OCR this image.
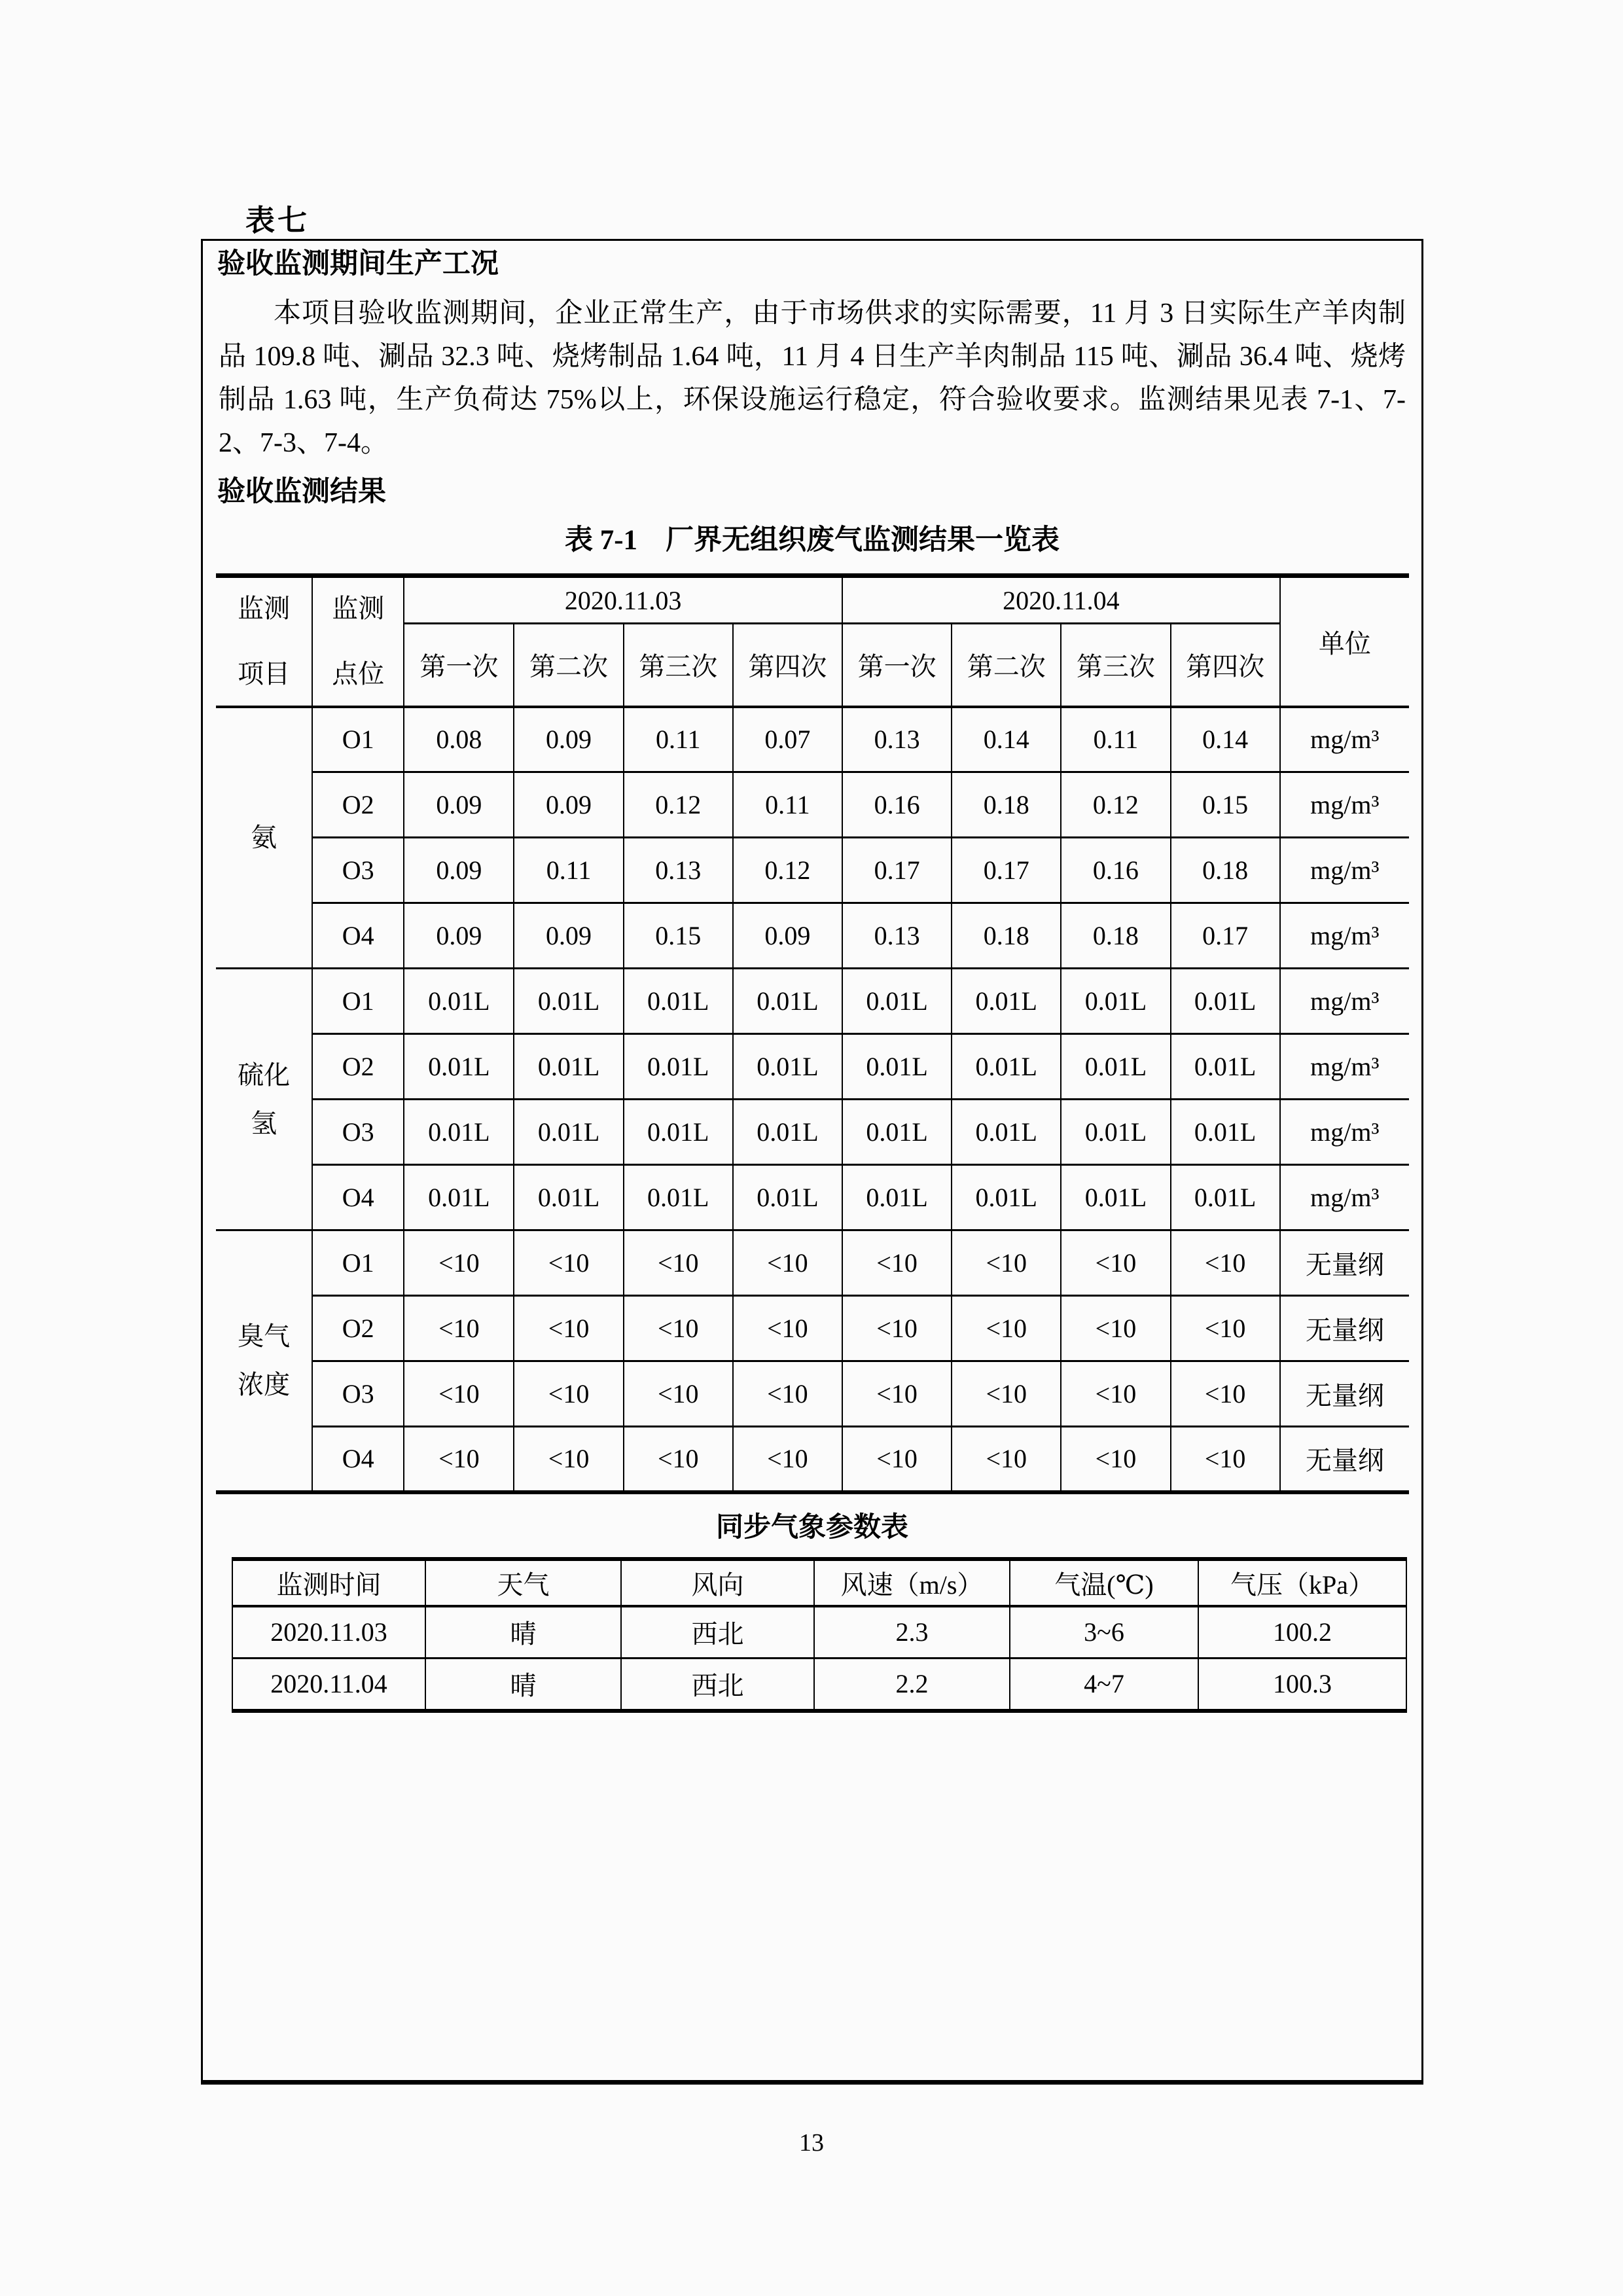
表七
验收监测期间生产工况

本项目验收监测期间，企业正常生产，由于市场供求的实际需要，11 月 3 日实际生产羊肉制品 109.8 吨、涮品 32.3 吨、烧烤制品 1.64 吨，11 月 4 日生产羊肉制品 115 吨、涮品 36.4 吨、烧烤制品 1.63 吨，生产负荷达 75%以上，环保设施运行稳定，符合验收要求。监测结果见表 7-1、7-2、7-3、7-4。

验收监测结果
表 7-1　厂界无组织废气监测结果一览表
监测
项目

监测
点位
	2020.11.03	2020.11.04	单位
		第一次	第二次	第三次	第四次	第一次	第二次	第三次	第四次	

氨	O1	0.08	0.09	0.11	0.07	0.13	0.14	0.11	0.14	mg/m³
	O2	0.09	0.09	0.12	0.11	0.16	0.18	0.12	0.15	mg/m³
	O3	0.09	0.11	0.13	0.12	0.17	0.17	0.16	0.18	mg/m³
	O4	0.09	0.09	0.15	0.09	0.13	0.18	0.18	0.17	mg/m³

硫化
氢	O1	0.01L	0.01L	0.01L	0.01L	0.01L	0.01L	0.01L	0.01L	mg/m³
	O2	0.01L	0.01L	0.01L	0.01L	0.01L	0.01L	0.01L	0.01L	mg/m³
	O3	0.01L	0.01L	0.01L	0.01L	0.01L	0.01L	0.01L	0.01L	mg/m³
	O4	0.01L	0.01L	0.01L	0.01L	0.01L	0.01L	0.01L	0.01L	mg/m³

臭气
浓度	O1	<10	<10	<10	<10	<10	<10	<10	<10	无量纲
	O2	<10	<10	<10	<10	<10	<10	<10	<10	无量纲
	O3	<10	<10	<10	<10	<10	<10	<10	<10	无量纲
	O4	<10	<10	<10	<10	<10	<10	<10	<10	无量纲
同步气象参数表
监测时间	天气	风向	风速（m/s）	气温(℃)	气压（kPa）
2020.11.03	晴	西北	2.3	3~6	100.2
2020.11.04	晴	西北	2.2	4~7	100.3
13
